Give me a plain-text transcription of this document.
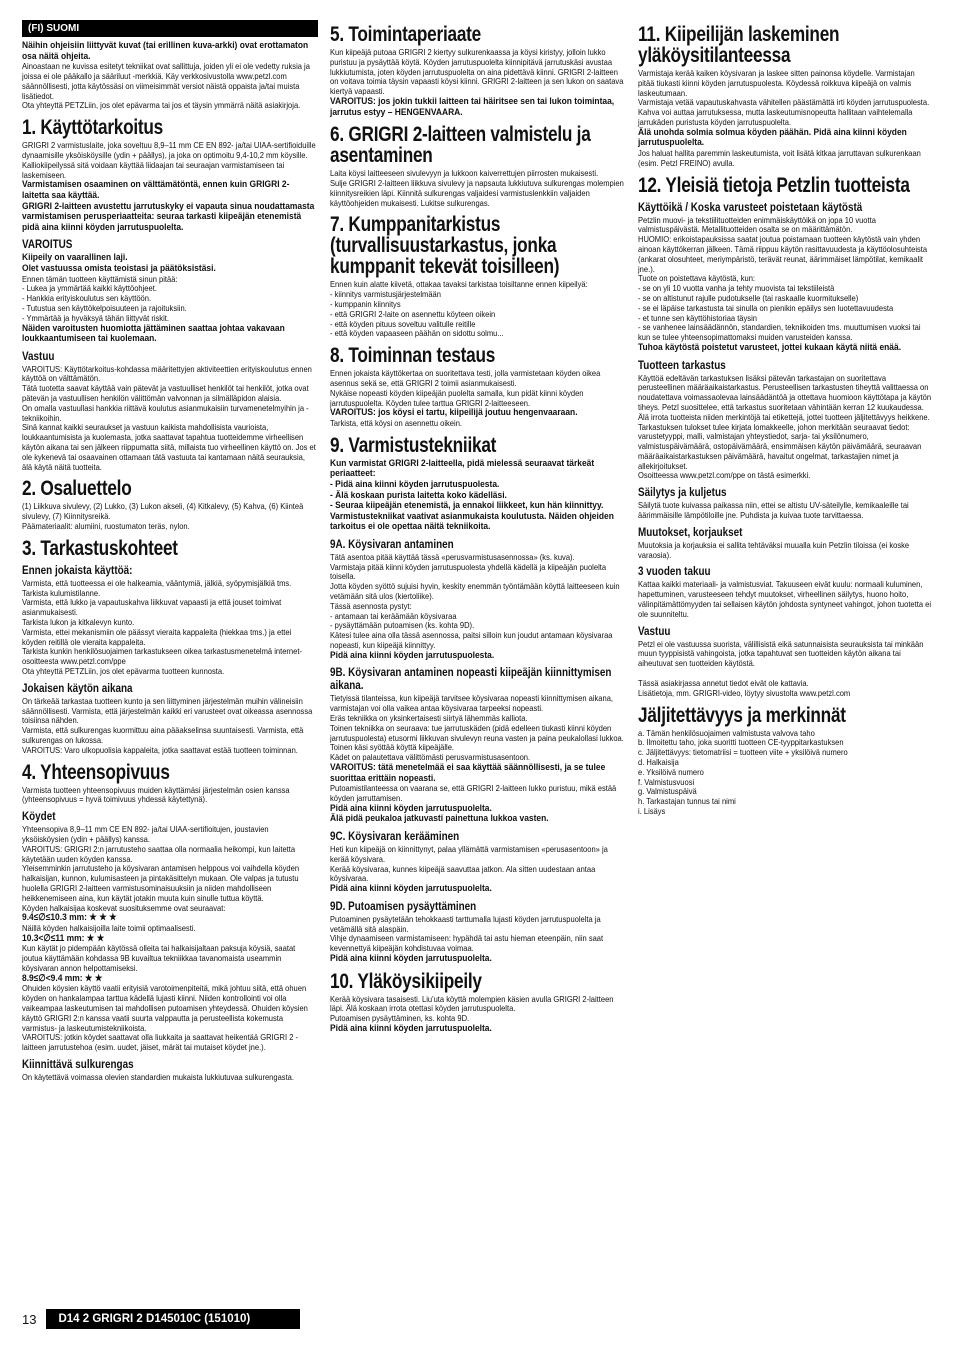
(FI) SUOMI
Näihin ohjeisiin liittyvät kuvat (tai erillinen kuva-arkki) ovat erottamaton osa näitä ohjeita.
Ainoastaan ne kuvissa esitetyt tekniikat ovat sallittuja, joiden yli ei ole vedetty ruksia ja joissa ei ole pääkallo ja sääriluut -merkkiä. Käy verkkosivustolla www.petzl.com säännöllisesti, jotta käytössäsi on viimeisimmät versiot näistä oppaista ja/tai muista lisätiedot.
Ota yhteyttä PETZLiin, jos olet epävarma tai jos et täysin ymmärrä näitä asiakirjoja.
1. Käyttötarkoitus
GRIGRI 2 varmistuslaite, joka soveltuu 8,9–11 mm CE EN 892- ja/tai UIAA-sertifioiduille dynaamisille yksöisköysille (ydin + päällys), ja joka on optimoitu 9,4-10,2 mm köysille.
Kalliokiipeilyssä sitä voidaan käyttää liidaajan tai seuraajan varmistamiseen tai laskemiseen.
Varmistamisen osaaminen on välttämätöntä, ennen kuin GRIGRI 2-laitetta saa käyttää.
GRIGRI 2-laitteen avustettu jarrutuskyky ei vapauta sinua noudattamasta varmistamisen perusperiaatteita: seuraa tarkasti kiipeäjän etenemistä pidä aina kiinni köyden jarrutuspuolelta.
VAROITUS
Kiipeily on vaarallinen laji.
Olet vastuussa omista teoistasi ja päätöksistäsi.
Ennen tämän tuotteen käyttämistä sinun pitää:
- Lukea ja ymmärtää kaikki käyttöohjeet.
- Hankkia erityiskoulutus sen käyttöön.
- Tutustua sen käyttökelpoisuuteen ja rajoituksiin.
- Ymmärtää ja hyväksyä tähän liittyvät riskit.
Näiden varoitusten huomiotta jättäminen saattaa johtaa vakavaan loukkaantumiseen tai kuolemaan.
Vastuu
VAROITUS: Käyttötarkoitus-kohdassa määritettyjen aktiviteettien erityiskoulutus ennen käyttöä on välttämätön.
Tätä tuotetta saavat käyttää vain pätevät ja vastuulliset henkilöt tai henkilöt, jotka ovat pätevän ja vastuullisen henkilön välittömän valvonnan ja silmälläpidon alaisia.
On omalla vastuullasi hankkia riittävä koulutus asianmukaisiin turvamenetelmyihin ja -tekniikoihin.
Sinä kannat kaikki seuraukset ja vastuun kaikista mahdollisista vaurioista, loukkaantumisista ja kuolemasta, jotka saattavat tapahtua tuotteidemme virheellisen käytön aikana tai sen jälkeen riippumatta siitä, millaista tuo virheellinen käyttö on. Jos et ole kykenevä tai osaavainen ottamaan tätä vastuuta tai kantamaan näitä seurauksia, älä käytä näitä tuotteita.
2. Osaluettelo
(1) Liikkuva sivulevy, (2) Lukko, (3) Lukon akseli, (4) Kitkalevy, (5) Kahva, (6) Kiinteä sivulevy, (7) Kiinnitysreikä.
Päämateriaalit: alumiini, ruostumaton teräs, nylon.
3. Tarkastuskohteet
Ennen jokaista käyttöä:
Varmista, että tuotteessa ei ole halkeamia, vääntymiä, jälkiä, syöpymisjälkiä tms. Tarkista kulumistilanne.
Varmista, että lukko ja vapautuskahva liikkuvat vapaasti ja että jouset toimivat asianmukaisesti.
Tarkista lukon ja kitkalevyn kunto.
Varmista, ettei mekanismiin ole päässyt vieraita kappaleita (hiekkaa tms.) ja ettei köyden reitillä ole vieraita kappaleita.
Tarkista kunkin henkilösuojaimen tarkastukseen oikea tarkastusmenetelmä internet-osoitteesta www.petzl.com/ppe
Ota yhteyttä PETZLiin, jos olet epävarma tuotteen kunnosta.
Jokaisen käytön aikana
On tärkeää tarkastaa tuotteen kunto ja sen liittyminen järjestelmän muihin välineisiin säännöllisesti. Varmista, että järjestelmän kaikki eri varusteet ovat oikeassa asennossa toisiinsa nähden.
Varmista, että sulkurengas kuormittuu aina pääakselinsa suuntaisesti. Varmista, että sulkurengas on lukossa.
VAROITUS: Varo ulkopuolisia kappaleita, jotka saattavat estää tuotteen toiminnan.
4. Yhteensopivuus
Varmista tuotteen yhteensopivuus muiden käyttämäsi järjestelmän osien kanssa (yhteensopivuus = hyvä toimivuus yhdessä käytettynä).
Köydet
Yhteensopiva 8,9–11 mm CE EN 892- ja/tai UIAA-sertifioitujen, joustavien yksöisköysien (ydin + päällys) kanssa.
VAROITUS: GRIGRI 2:n jarrutusteho saattaa olla normaalia heikompi, kun laitetta käytetään uuden köyden kanssa.
Yleisemminkin jarrutusteho ja köysivaran antamisen helppous voi vaihdella köyden halkaisijan, kunnon, kulumisasteen ja pintakäsittelyn mukaan. Ole valpas ja tutustu huolella GRIGRI 2-laitteen varmistusominaisuuksiin ja niiden mahdolliseen heikkenemiseen aina, kun käytät jotakin muuta kuin sinulle tuttua köyttä.
Köyden halkaisijaa koskevat suosituksemme ovat seuraavat:
9.4≤∅≤10.3 mm: ★ ★ ★
Näillä köyden halkaisijoilla laite toimii optimaalisesti.
10.3<∅≤11 mm: ★ ★
Kun käytät jo pidempään käytössä olleita tai halkaisijaltaan paksuja köysiä, saatat joutua käyttämään kohdassa 9B kuvailtua tekniikkaa tavanomaista useammin köysivaran annon helpottamiseksi.
8.9≤∅<9.4 mm: ★ ★
Ohuiden köysien käyttö vaatii erityisiä varotoimenpiteitä, mikä johtuu siitä, että ohuen köyden on hankalampaa tarttua kädellä lujasti kiinni. Niiden kontrollointi voi olla vaikeampaa laskeutumisen tai mahdollisen putoamisen yhteydessä. Ohuiden köysien käyttö GRIGRI 2:n kanssa vaatii suurta valppautta ja perusteellista kokemusta varmistus- ja laskeutumistekniikoista.
VAROITUS: jotkin köydet saattavat olla liukkaita ja saattavat heikentää GRIGRI 2 -laitteen jarrutustehoa (esim. uudet, jäiset, märät tai mutaiset köydet jne.).
Kiinnittävä sulkurengas
On käytettävä voimassa olevien standardien mukaista lukkiutuvaa sulkurengasta.
5. Toimintaperiaate
Kun kiipeäjä putoaa GRIGRI 2 kiertyy sulkurenkaassa ja köysi kiristyy, jolloin lukko puristuu ja pysäyttää köytä. Köyden jarrutuspuolelta kiinnipitävä jarrutuskäsi avustaa lukkiutumista, joten köyden jarrutuspuolelta on aina pidettävä kiinni. GRIGRI 2-laitteen on voitava toimia täysin vapaasti köysi kiinni. GRIGRI 2-laitteen ja sen lukon on saatava kiertyä vapaasti.
VAROITUS: jos jokin tukkii laitteen tai häiritsee sen tai lukon toimintaa, jarrutus estyy – HENGENVAARA.
6. GRIGRI 2-laitteen valmistelu ja asentaminen
Laita köysi laitteeseen sivulevyyn ja lukkoon kaiverrettujen piirrosten mukaisesti.
Sulje GRIGRI 2-laitteen liikkuva sivulevy ja napsauta lukkiutuva sulkurengas molempien kiinnitysreikien läpi. Kiinnitä sulkurengas valjaidesi varmistuslenkkiin valjaiden käyttöohjeiden mukaisesti. Lukitse sulkurengas.
7. Kumppanitarkistus (turvallisuustarkastus, jonka kumppanit tekevät toisilleen)
Ennen kuin alatte kiivetä, ottakaa tavaksi tarkistaa toisiltanne ennen kiipeilyä:
- kiinnitys varmistusjärjestelmään
- kumppanin kiinnitys
- että GRIGRI 2-laite on asennettu köyteen oikein
- että köyden pituus soveltuu valitulle reitille
- että köyden vapaaseen päähän on sidottu solmu...
8. Toiminnan testaus
Ennen jokaista käyttökertaa on suoritettava testi, jolla varmistetaan köyden oikea asennus sekä se, että GRIGRI 2 toimii asianmukaisesti.
Nykäise nopeasti köyden kiipeäjän puolelta samalla, kun pidät kiinni köyden jarrutuspuolelta. Köyden tulee tarttua GRIGRI 2-laitteeseen.
VAROITUS: jos köysi ei tartu, kiipeilijä joutuu hengenvaaraan.
Tarkista, että köysi on asennettu oikein.
9. Varmistustekniikat
Kun varmistat GRIGRI 2-laitteella, pidä mielessä seuraavat tärkeät periaatteet:
- Pidä aina kiinni köyden jarrutuspuolesta.
- Älä koskaan purista laitetta koko kädelläsi.
- Seuraa kiipeäjän etenemistä, ja ennakoi liikkeet, kun hän kiinnittyy.
Varmistustekniikat vaativat asianmukaista koulutusta. Näiden ohjeiden tarkoitus ei ole opettaa näitä tekniikoita.
9A. Köysivaran antaminen
Tätä asentoa pitää käyttää tässä «perusvarmistusasennossa» (ks. kuva).
Varmistaja pitää kiinni köyden jarrutuspuolesta yhdellä kädellä ja kiipeäjän puolelta toisella.
Jotta köyden syöttö sujuisi hyvin, keskity enemmän työntämään köyttä laitteeseen kuin vetämään sitä ulos (kiertoliike).
Tässä asennosta pystyt:
- antamaan tai keräämään köysivaraa
- pysäyttämään putoamisen (ks. kohta 9D).
Kätesi tulee aina olla tässä asennossa, paitsi silloin kun joudut antamaan köysivaraa nopeasti, kun kiipeäjä kiinnittyy.
Pidä aina kiinni köyden jarrutuspuolesta.
9B. Köysivaran antaminen nopeasti kiipeäjän kiinnittymisen aikana.
Tietyissä tilanteissa, kun kiipeäjä tarvitsee köysivaraa nopeasti kiinnittymisen aikana, varmistajan voi olla vaikea antaa köysivaraa tarpeeksi nopeasti.
Eräs tekniikka on yksinkertaisesti siirtyä lähemmäs kalliota.
Toinen tekniikka on seuraava: tue jarrutuskäden (pidä edelleen tiukasti kiinni köyden jarrutuspuolesta) etusormi liikkuvan sivulevyn reuna vasten ja paina peukalollasi lukkoa.
Toinen käsi syöttää köyttä kiipeäjälle.
Kädet on palautettava välittömästi perusvarmistusasentoon.
VAROITUS: tätä menetelmää ei saa käyttää säännöllisesti, ja se tulee suorittaa erittäin nopeasti.
Putoamistilanteessa on vaarana se, että GRIGRI 2-laitteen lukko puristuu, mikä estää köyden jarruttamisen.
Pidä aina kiinni köyden jarrutuspuolelta.
Älä pidä peukaloa jatkuvasti painettuna lukkoa vasten.
9C. Köysivaran kerääminen
Heti kun kiipeäjä on kiinnittynyt, palaa yllämättä varmistamisen «perusasentoon» ja kerää köysivara.
Kerää köysivaraa, kunnes kiipeäjä saavuttaa jatkon. Ala sitten uudestaan antaa köysivaraa.
Pidä aina kiinni köyden jarrutuspuolelta.
9D. Putoamisen pysäyttäminen
Putoaminen pysäytetään tehokkaasti tarttumalla lujasti köyden jarrutuspuolelta ja vetämällä sitä alaspäin.
Vihje dynaamiseen varmistamiseen: hypähdä tai astu hieman eteenpäin, niin saat kevennettyä kiipeäjän kohdistuvaa voimaa.
Pidä aina kiinni köyden jarrutuspuolelta.
10. Yläköysikiipeily
Kerää köysivara tasaisesti. Liu'uta köyttä molempien käsien avulla GRIGRI 2-laitteen läpi. Älä koskaan irrota otettasi köyden jarrutuspuolelta.
Putoamisen pysäyttäminen, ks. kohta 9D.
Pidä aina kiinni köyden jarrutuspuolelta.
11. Kiipeilijän laskeminen yläköysitilanteessa
Varmistaja kerää kaiken köysivaran ja laskee sitten painonsa köydelle. Varmistajan pitää tiukasti kiinni köyden jarrutuspuolesta. Köydessä roikkuva kiipeäjä on valmis laskeutumaan.
Varmistaja vetää vapautuskahvasta vähitellen päästämättä irti köyden jarrutuspuolesta. Kahva voi auttaa jarrutuksessa, mutta laskeutumisnopeutta hallitaan vaihtelemalla jarrukäden puristusta köyden jarrutuspuolelta.
Älä unohda solmia solmua köyden päähän. Pidä aina kiinni köyden jarrutuspuolelta.
Jos haluat hallita paremmin laskeutumista, voit lisätä kitkaa jarruttavan sulkurenkaan (esim. Petzl FREINO) avulla.
12. Yleisiä tietoja Petzlin tuotteista
Käyttöikä / Koska varusteet poistetaan käytöstä
Petzlin muovi- ja tekstiilituotteiden enimmäiskäyttöikä on jopa 10 vuotta valmistuspäivästä. Metallituotteiden osalta se on määrittämätön.
HUOMIO: erikoistapauksissa saatat joutua poistamaan tuotteen käytöstä vain yhden ainoan käyttökerran jälkeen. Tämä riippuu käytön rasittavuudesta ja käyttöolosuhteista (ankarat olosuhteet, meriympäristö, terävät reunat, äärimmäiset lämpötilat, kemikaalit jne.).
Tuote on poistettava käytöstä, kun:
- se on yli 10 vuotta vanha ja tehty muovista tai tekstiileistä
- se on altistunut rajulle pudotukselle (tai raskaalle kuormitukselle)
- se ei läpäise tarkastusta tai sinulla on pienikin epäilys sen luotettavuudesta
- et tunne sen käyttöhistoriaa täysin
- se vanhenee lainsäädännön, standardien, tekniikoiden tms. muuttumisen vuoksi tai kun se tulee yhteensopimattomaksi muiden varusteiden kanssa.
Tuhoa käytöstä poistetut varusteet, jottei kukaan käytä niitä enää.
Tuotteen tarkastus
Käyttöä edeltävän tarkastuksen lisäksi pätevän tarkastajan on suoritettava perusteellinen määräaikaistarkastus. Perusteellisen tarkastusten tiheyttä valittaessa on noudatettava voimassaolevaa lainsäädäntöä ja ottettava huomioon käyttötapa ja käytön tiheys. Petzl suosittelee, että tarkastus suoritetaan vähintään kerran 12 kuukaudessa.
Älä irrota tuotteista niiden merkintöjä tai etikettejä, jottei tuotteen jäljitettävyys heikkene. Tarkastuksen tulokset tulee kirjata lomakkeelle, johon merkitään seuraavat tiedot: varustetyyppi, malli, valmistajan yhteystiedot, sarja- tai yksilönumero, valmistuspäivämäärä, ostopäivämäärä, ensimmäisen käytön päivämäärä, seuraavan määräaikaistarkastuksen päivämäärä, havaitut ongelmat, tarkastajien nimet ja allekirjoitukset.
Osoitteessa www.petzl.com/ppe on tästä esimerkki.
Säilytys ja kuljetus
Säilytä tuote kuivassa paikassa niin, ettei se altistu UV-säteilylle, kemikaaleille tai äärimmäisille lämpötiloille jne. Puhdista ja kuivaa tuote tarvittaessa.
Muutokset, korjaukset
Muutoksia ja korjauksia ei sallita tehtäväksi muualla kuin Petzlin tiloissa (ei koske varaosia).
3 vuoden takuu
Kattaa kaikki materiaali- ja valmistusviat. Takuuseen eivät kuulu: normaali kuluminen, hapettuminen, varusteeseen tehdyt muutokset, virheellinen säilytys, huono hoito, välinpitämättömyyden tai sellaisen käytön johdosta syntyneet vahingot, johon tuotetta ei ole suunniteltu.
Vastuu
Petzl ei ole vastuussa suorista, välillisistä eikä satunnaisista seurauksista tai minkään muun tyyppisistä vahingoista, jotka tapahtuvat sen tuotteiden käytön aikana tai aiheutuvat sen tuotteiden käytöstä.
Tässä asiakirjassa annetut tiedot eivät ole kattavia.
Lisätietoja, mm. GRIGRI-video, löytyy sivustolta www.petzl.com
Jäljitettävyys ja merkinnät
a. Tämän henkilösuojaimen valmistusta valvova taho
b. Ilmoitettu taho, joka suoritti tuotteen CE-tyyppitarkastuksen
c. Jäljitettävyys: tietomatriisi = tuotteen viite + yksilöivä numero
d. Halkaisija
e. Yksilöivä numero
f. Valmistusvuosi
g. Valmistuspäivä
h. Tarkastajan tunnus tai nimi
i. Lisäys
13	D14 2 GRIGRI 2 D145010C (151010)
